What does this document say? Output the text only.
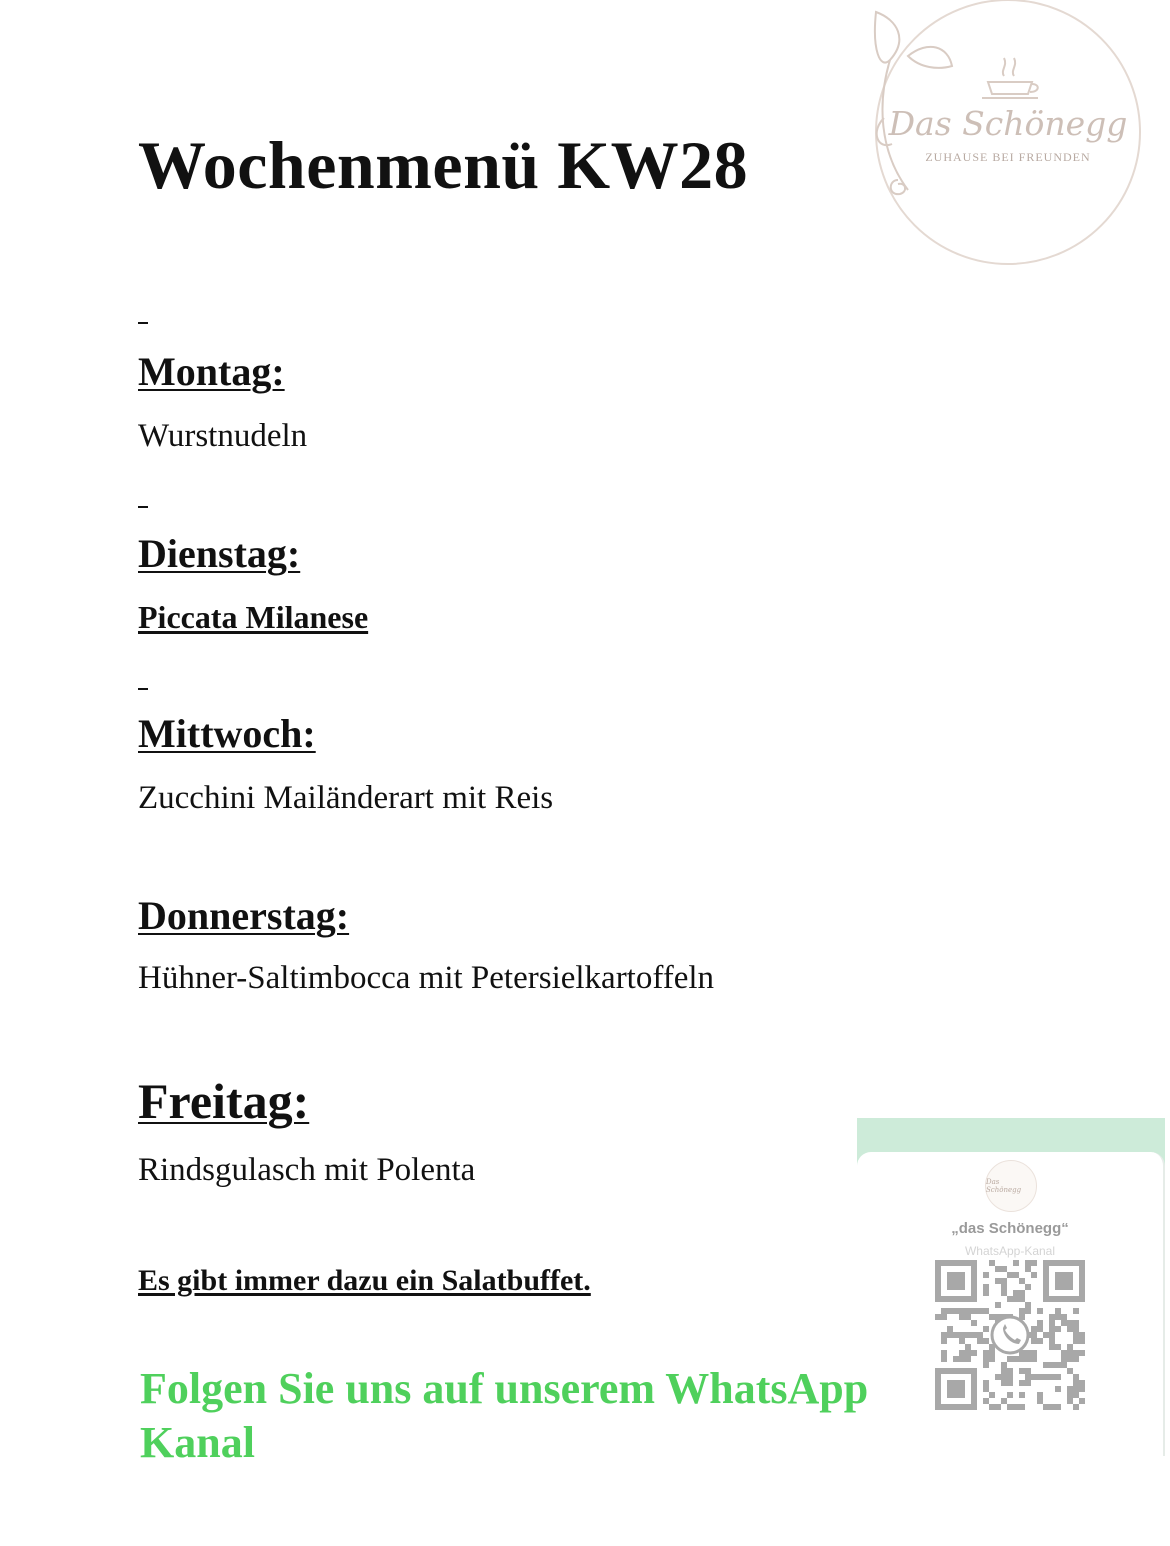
Das Schönegg
ZUHAUSE BEI FREUNDEN
Wochenmenü KW28
Montag:
Wurstnudeln
Dienstag:
Piccata Milanese
Mittwoch:
Zucchini Mailänderart mit Reis
Donnerstag:
Hühner-Saltimbocca mit Petersielkartoffeln
Freitag:
Rindsgulasch mit Polenta	Das Schönegg
„das Schönegg“
WhatsApp-Kanal
Es gibt immer dazu ein Salatbuffet.
Folgen Sie uns auf unserem WhatsApp Kanal
